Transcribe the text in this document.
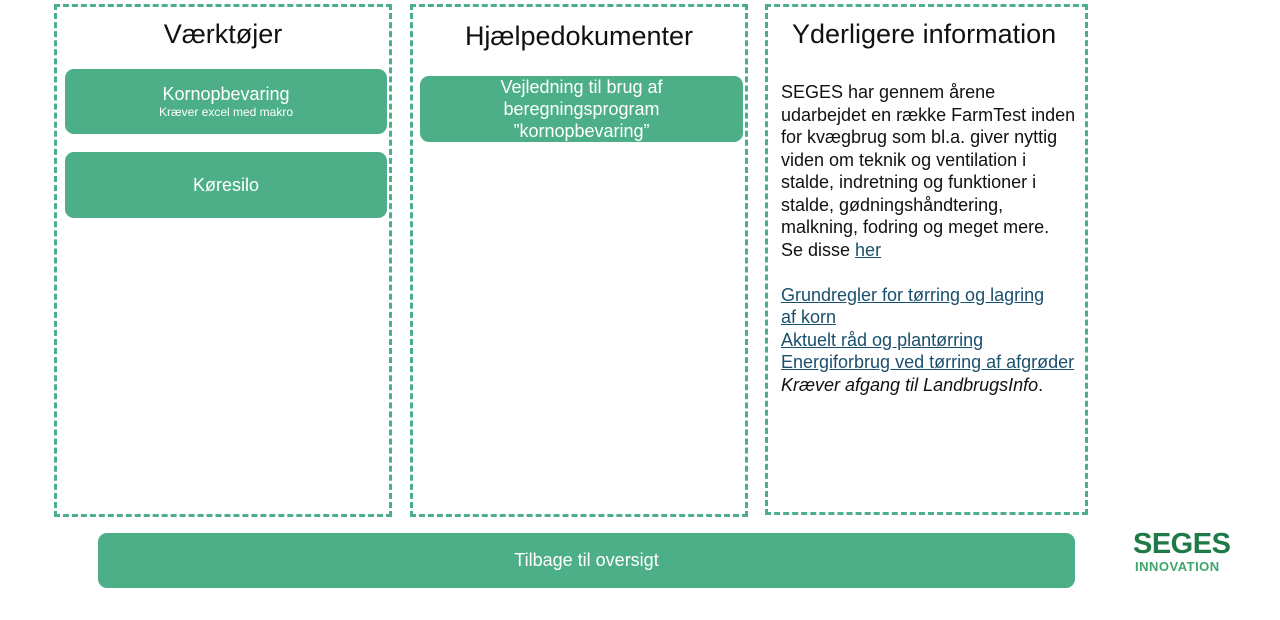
Værktøjer
Kornopbevaring
Kræver excel med makro
Køresilo
Hjælpedokumenter
Vejledning til brug af
beregningsprogram
”kornopbevaring”
Yderligere information
SEGES har gennem årene
udarbejdet en række FarmTest inden
for kvægbrug som bl.a. giver nyttig
viden om teknik og ventilation i
stalde, indretning og funktioner i
stalde, gødningshåndtering,
malkning, fodring og meget mere.
Se disse her
Grundregler for tørring og lagring
af korn
Aktuelt råd og plantørring
Energiforbrug ved tørring af afgrøder
Kræver afgang til LandbrugsInfo.
Tilbage til oversigt	SEGES
INNOVATION
